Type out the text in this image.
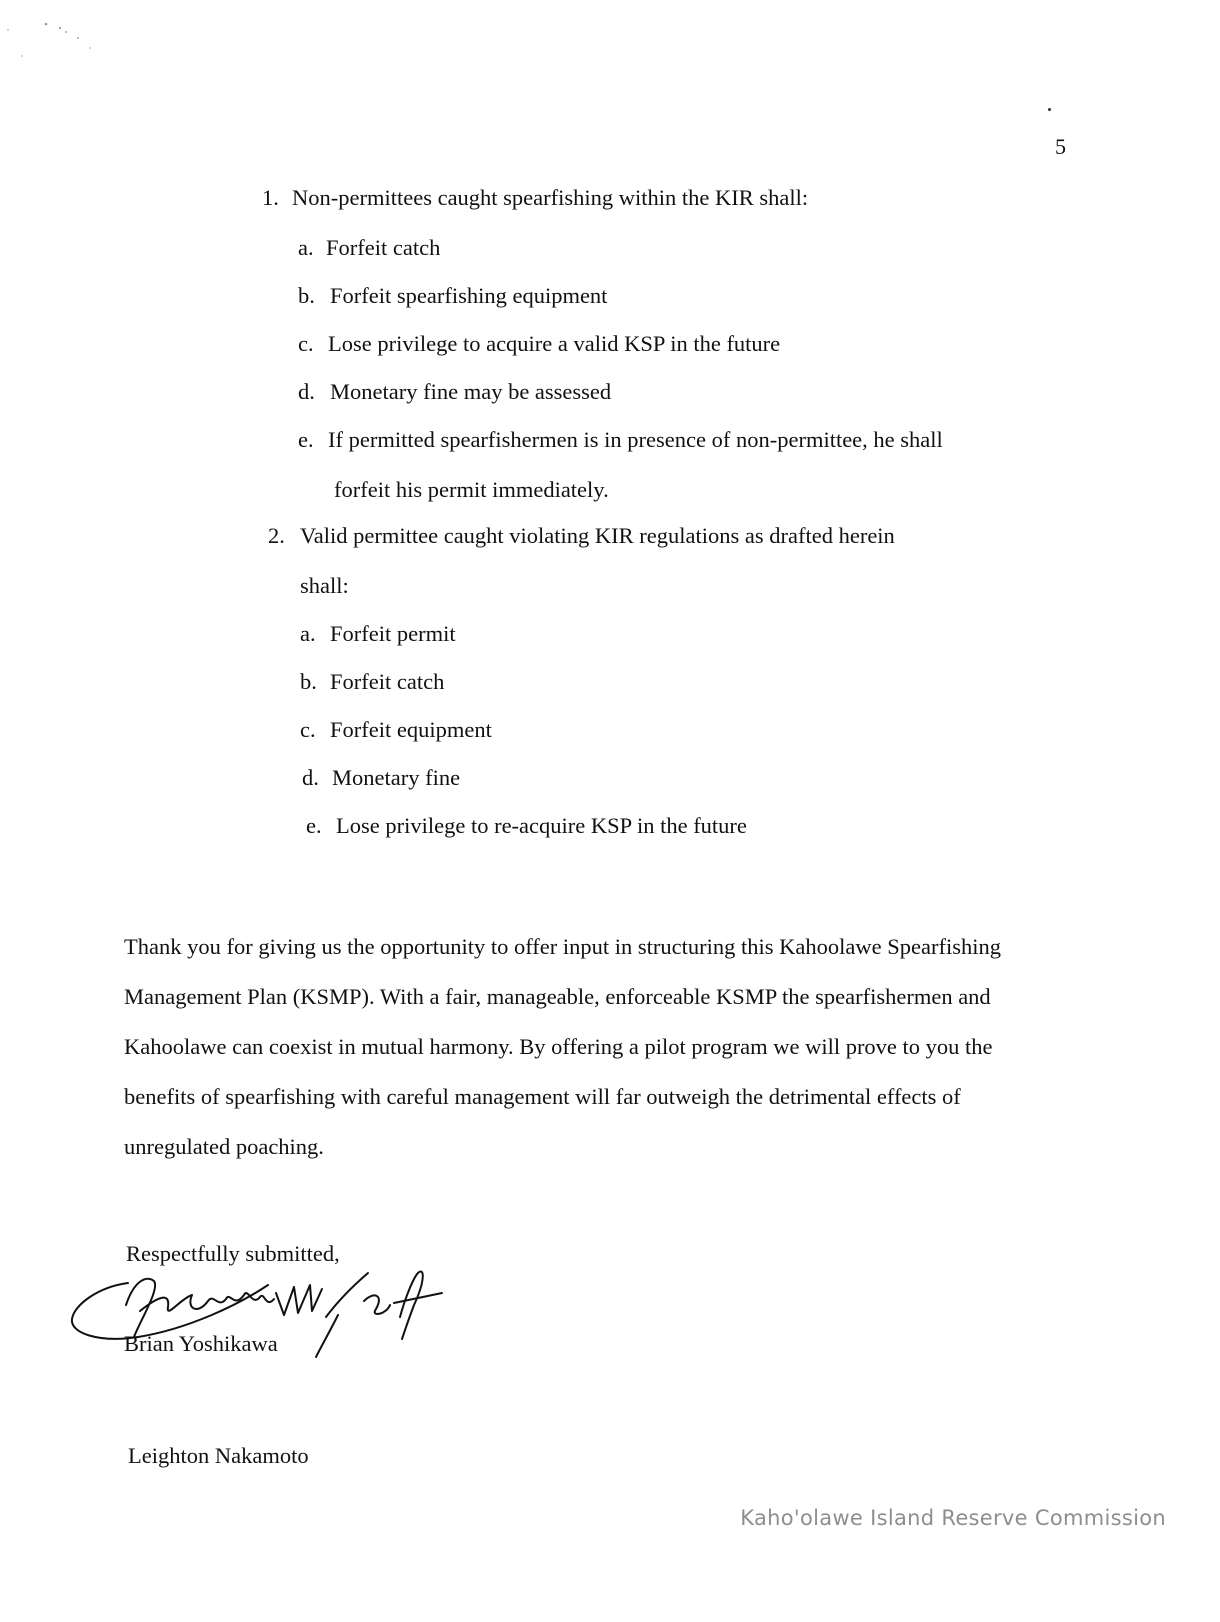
5
1. Non-permittees caught spearfishing within the KIR shall:
a. Forfeit catch
b. Forfeit spearfishing equipment
c. Lose privilege to acquire a valid KSP in the future
d. Monetary fine may be assessed
e. If permitted spearfishermen is in presence of non-permittee, he shall
forfeit his permit immediately.
2. Valid permittee caught violating KIR regulations as drafted herein
shall:
a. Forfeit permit
b. Forfeit catch
c. Forfeit equipment
d. Monetary fine
e. Lose privilege to re-acquire KSP in the future
Thank you for giving us the opportunity to offer input in structuring this Kahoolawe Spearfishing
Management Plan (KSMP). With a fair, manageable, enforceable KSMP the spearfishermen and
Kahoolawe can coexist in mutual harmony. By offering a pilot program we will prove to you the
benefits of spearfishing with careful management will far outweigh the detrimental effects of
unregulated poaching.
Respectfully submitted,
Brian Yoshikawa
Leighton Nakamoto
Kaho'olawe Island Reserve Commission
